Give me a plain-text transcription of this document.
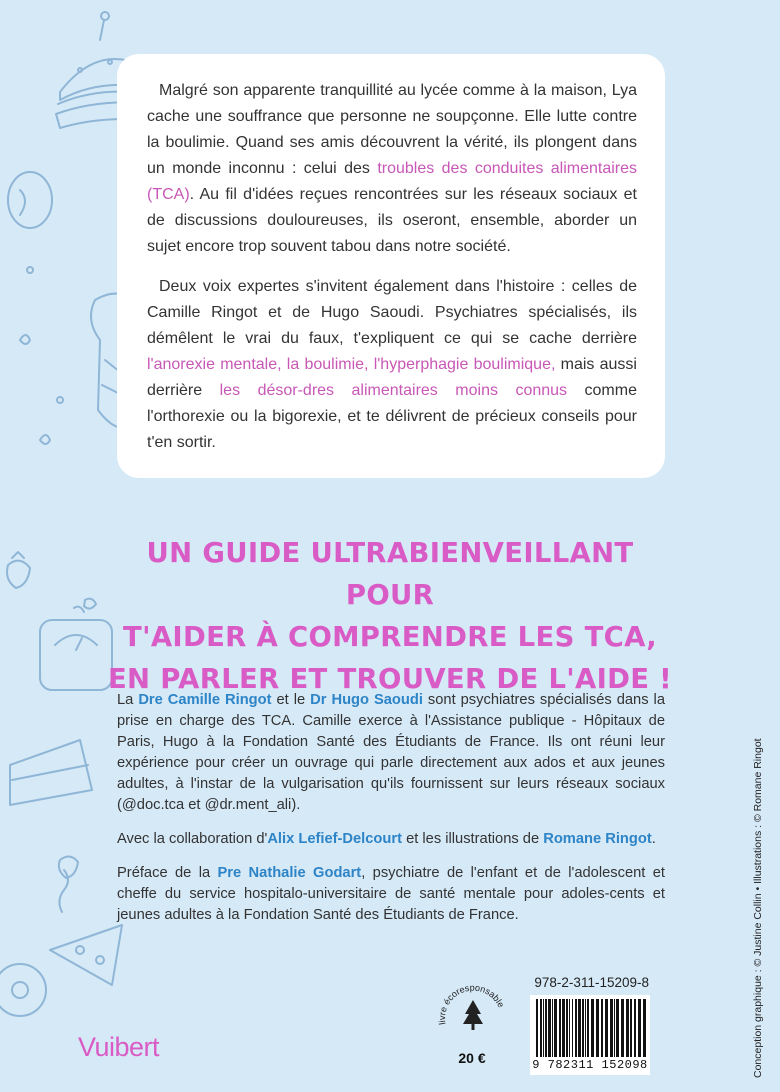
Malgré son apparente tranquillité au lycée comme à la maison, Lya cache une souffrance que personne ne soupçonne. Elle lutte contre la boulimie. Quand ses amis découvrent la vérité, ils plongent dans un monde inconnu : celui des troubles des conduites alimentaires (TCA). Au fil d'idées reçues rencontrées sur les réseaux sociaux et de discussions douloureuses, ils oseront, ensemble, aborder un sujet encore trop souvent tabou dans notre société.

Deux voix expertes s'invitent également dans l'histoire : celles de Camille Ringot et de Hugo Saoudi. Psychiatres spécialisés, ils démêlent le vrai du faux, t'expliquent ce qui se cache derrière l'anorexie mentale, la boulimie, l'hyperphagie boulimique, mais aussi derrière les désor-dres alimentaires moins connus comme l'orthorexie ou la bigorexie, et te délivrent de précieux conseils pour t'en sortir.

UN GUIDE ULTRABIENVEILLANT POUR
T'AIDER À COMPRENDRE LES TCA,
EN PARLER ET TROUVER DE L'AIDE !

La Dre Camille Ringot et le Dr Hugo Saoudi sont psychiatres spécialisés dans la prise en charge des TCA. Camille exerce à l'Assistance publique - Hôpitaux de Paris, Hugo à la Fondation Santé des Étudiants de France. Ils ont réuni leur expérience pour créer un ouvrage qui parle directement aux ados et aux jeunes adultes, à l'instar de la vulgarisation qu'ils fournissent sur leurs réseaux sociaux (@doc.tca et @dr.ment_ali).

Avec la collaboration d'Alix Lefief-Delcourt et les illustrations de Romane Ringot.

Préface de la Pre Nathalie Godart, psychiatre de l'enfant et de l'adolescent et cheffe du service hospitalo-universitaire de santé mentale pour adoles-cents et jeunes adultes à la Fondation Santé des Étudiants de France.

Vuibert
livre écoresponsable
20 €
978-2-311-15209-8
9 782311 152098	Conception graphique : © Justine Collin • Illustrations : © Romane Ringot
